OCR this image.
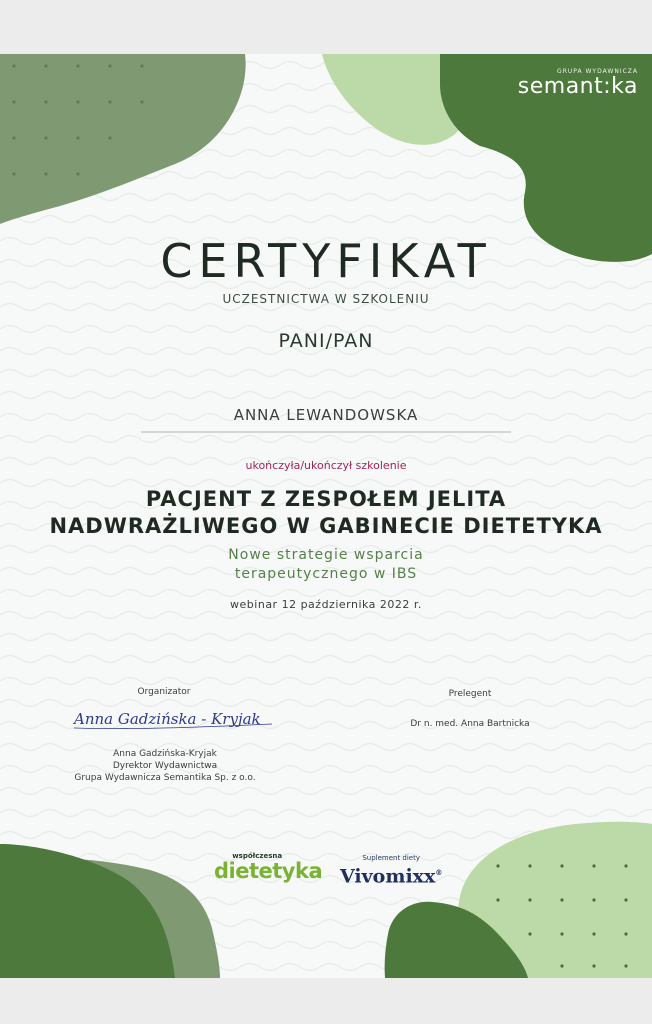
GRUPA WYDAWNICZA
semant:ka
CERTYFIKAT
UCZESTNICTWA W SZKOLENIU
PANI/PAN
ANNA LEWANDOWSKA
ukończyła/ukończył szkolenie
PACJENT Z ZESPOŁEM JELITA
NADWRAŻLIWEGO W GABINECIE DIETETYKA
Nowe strategie wsparcia
terapeutycznego w IBS
webinar 12 października 2022 r.
Organizator
Anna Gadzińska - Kryjak
Anna Gadzińska-Kryjak
Dyrektor Wydawnictwa
Grupa Wydawnicza Semantika Sp. z o.o.
Prelegent
Dr n. med. Anna Bartnicka
współczesna
dietetyka
Suplement diety
Vivomixx®
